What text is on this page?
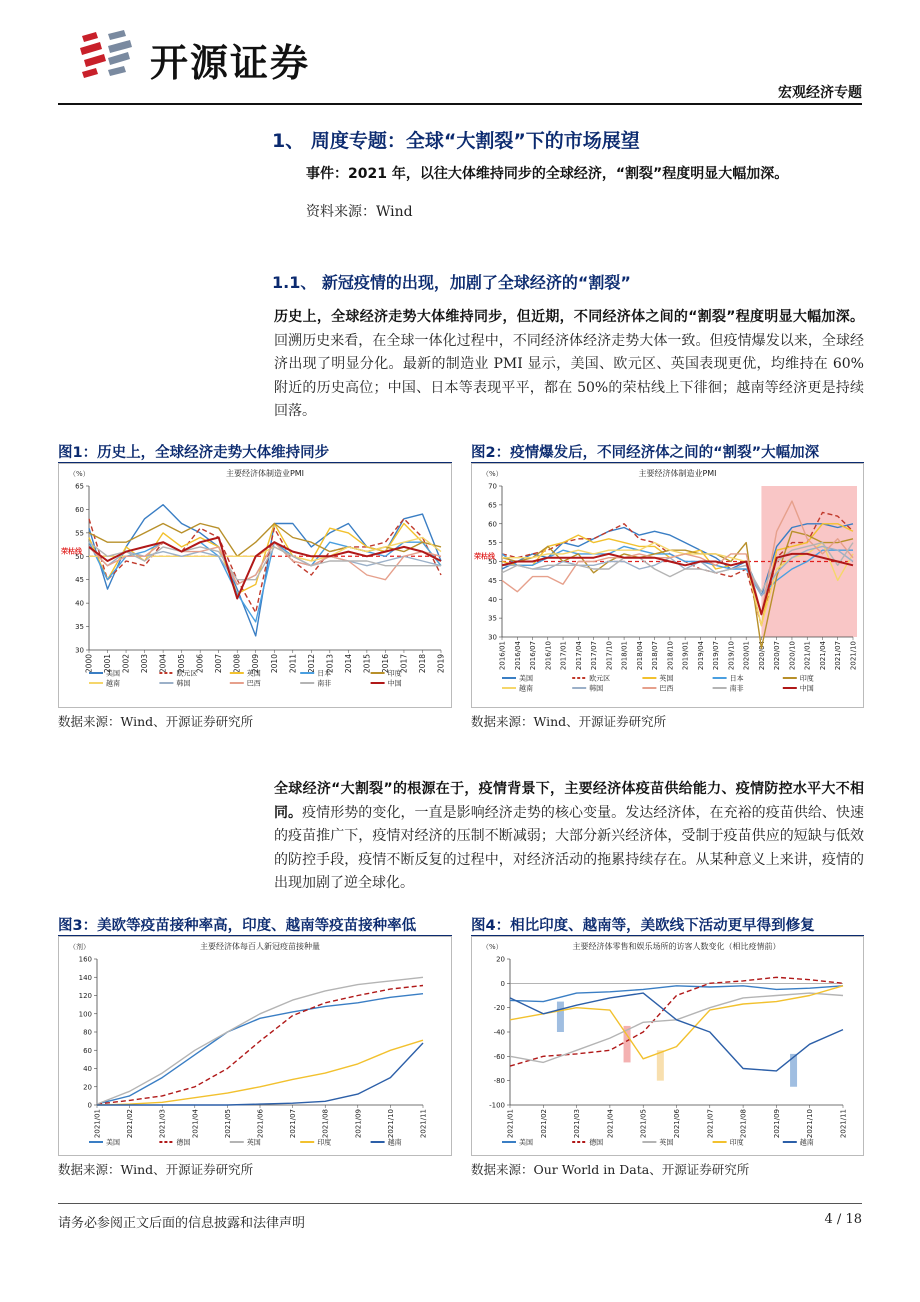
开源证券
宏观经济专题
1、 周度专题：全球“大割裂”下的市场展望
事件：2021 年，以往大体维持同步的全球经济，“割裂”程度明显大幅加深。
资料来源：Wind
1.1、 新冠疫情的出现，加剧了全球经济的“割裂”
历史上，全球经济走势大体维持同步，但近期，不同经济体之间的“割裂”程度明显大幅加深。回溯历史来看，在全球一体化过程中，不同经济体经济走势大体一致。但疫情爆发以来，全球经济出现了明显分化。最新的制造业 PMI 显示，美国、欧元区、英国表现更优，均维持在 60%附近的历史高位；中国、日本等表现平平，都在 50%的荣枯线上下徘徊；越南等经济更是持续回落。
图1：历史上，全球经济走势大体维持同步	图2：疫情爆发后，不同经济体之间的“割裂”大幅加深
主要经济体制造业PMI
（%）
30
35
40
45
50
55
60
65
2000 2001 2002 2003 2004 2005 2006 2007 2008 2009 2010 2011 2012 2013 2014 2015 2016 2017 2018 2019
荣枯线
美国	欧元区	英国	日本	印度
越南	韩国	巴西	南非	中国
主要经济体制造业PMI
（%）
30
35
40
45
50
55
60
65
70
2016/01 2016/04 2016/07 2016/10 2017/01 2017/04 2017/07 2017/10 2018/01 2018/04 2018/07 2018/10 2019/01 2019/04 2019/07 2019/10 2020/01 2020/04 2020/07 2020/10 2021/01 2021/04 2021/07 2021/10
荣枯线
美国	欧元区	英国	日本	印度
越南	韩国	巴西	南非	中国
数据来源：Wind、开源证券研究所	数据来源：Wind、开源证券研究所
全球经济“大割裂”的根源在于，疫情背景下，主要经济体疫苗供给能力、疫情防控水平大不相同。疫情形势的变化，一直是影响经济走势的核心变量。发达经济体，在充裕的疫苗供给、快速的疫苗推广下，疫情对经济的压制不断减弱；大部分新兴经济体，受制于疫苗供应的短缺与低效的防控手段，疫情不断反复的过程中，对经济活动的拖累持续存在。从某种意义上来讲，疫情的出现加剧了逆全球化。
图3：美欧等疫苗接种率高，印度、越南等疫苗接种率低	图4：相比印度、越南等，美欧线下活动更早得到修复
主要经济体每百人新冠疫苗接种量
（剂）
0
20
40
60
80
100
120
140
160
2021/01	2021/02	2021/03	2021/04	2021/05	2021/06	2021/07	2021/08	2021/09	2021/10	2021/11
美国	德国	英国	印度	越南
主要经济体零售和娱乐场所的访客人数变化（相比疫情前）
（%）
20
0
-20
-40
-60
-80
-100
2021/01	2021/02	2021/03	2021/04	2021/05	2021/06	2021/07	2021/08	2021/09	2021/10	2021/11
美国	德国	英国	印度	越南
数据来源：Wind、开源证券研究所	数据来源：Our World in Data、开源证券研究所
请务必参阅正文后面的信息披露和法律声明	4 / 18
